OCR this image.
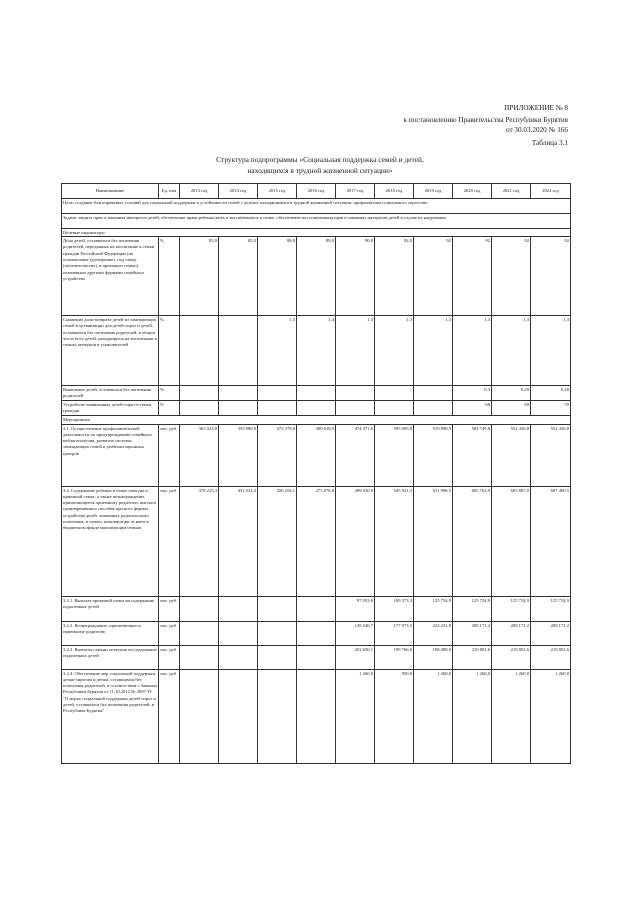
ПРИЛОЖЕНИЕ № 8
к постановлению Правительства Республики Бурятия
от 30.03.2020 № 166
Таблица 3.1
Структура подпрограммы «Социальная поддержка семей и детей,
находящихся в трудной жизненной ситуации»
Наименование	Ед. изм	2013 год	2014 год	2015 год	2016 год	2017 год	2018 год	2019 год	2020 год	2021 год	2022 год
Цель: создание благоприятных условий для социальной поддержки и устойчивости семей с детьми, находящимися в трудной жизненной ситуации, профилактика социального сиротства											
Задача: защита прав и законных интересов детей, обеспечение права ребенка жить и воспитываться в семье, обеспечение восстановления прав и законных интересов детей в случае их нарушения											
Целевые индикаторы											
Доля детей, оставшихся без попечения родителей, переданных на воспитание в семьи граждан Российской Федерации (на усыновление (удочерение), под опеку (попечительство), в приемную семью), охваченных другими формами семейного устройства	%	85,0	85,2	88,0	89,0	90,0	92,0	92	92	92	92
Снижение доли возврата детей из замещающих семей в организации для детей-сирот и детей, оставшихся без попечения родителей, в общем числе всех детей, находящихся на воспитании в семьях опекунов и усыновителей	%			1,5	1,4	1,3	1,3	1,3	1,3	1,3	1,3
Выявление детей, оставшихся без попечения родителей	%								0,3	0,29	0,28
Устройство выявленных детей-сирот в семьи граждан	%								68	69	70
Мероприятия											
3.1. Осуществление профилактической деятельности по предупреждению семейного неблагополучия, развитие системы замещающих семей и реабилитационных центров	тыс. руб.	363 023,0	355 080,0	473 379,8	490 618,9	474 471,6	505 009,8	519 898,5	584 749,8	552 436,8	552 436,8
3.2. Содержание ребенка в семье опекуна и приемной семье, а также вознаграждение, причитающееся приемному родителю, выплата единовременного пособия при всех формах устройства детей, лишенных родительского попечения, в семью, компенсации за наем в бюджетном фонде малоимущим семьям	тыс. руб.	378 225,3	431 023,3	450 254,1	475 676,8	499 020,0	545 921,3	611 996,5	605 763,9	605 867,0	607 400,5
3.2.1. Выплата приемной семье на содержание подопечных детей	тыс. руб.					97 953,6	109 373,3	125 754,9	125 754,9	125 754,9	125 754,9
3.2.2. Вознаграждение, причитающееся приемному родителю	тыс. руб.					149 546,7	177 973,5	223 231,8	209 171,2	209 171,2	209 171,2
3.2.3. Выплаты семьям опекунов на содержание подопечных детей	тыс. руб.					202 650,1	199 766,6	198 088,6	210 801,6	210 801,6	210 801,6
3.2.4. Обеспечение мер социальной поддержки детям-сиротам и детям, оставшимся без попечения родителей, в соответствии с Законом Республики Бурятия от 11.10.2012 № 2897-IV "О мерах социальной поддержки детей-сирот и детей, оставшихся без попечения родителей, в Республике Бурятия"	тыс. руб.					1 260,0	950,0	1 260,0	1 260,0	1 260,0	1 260,0
